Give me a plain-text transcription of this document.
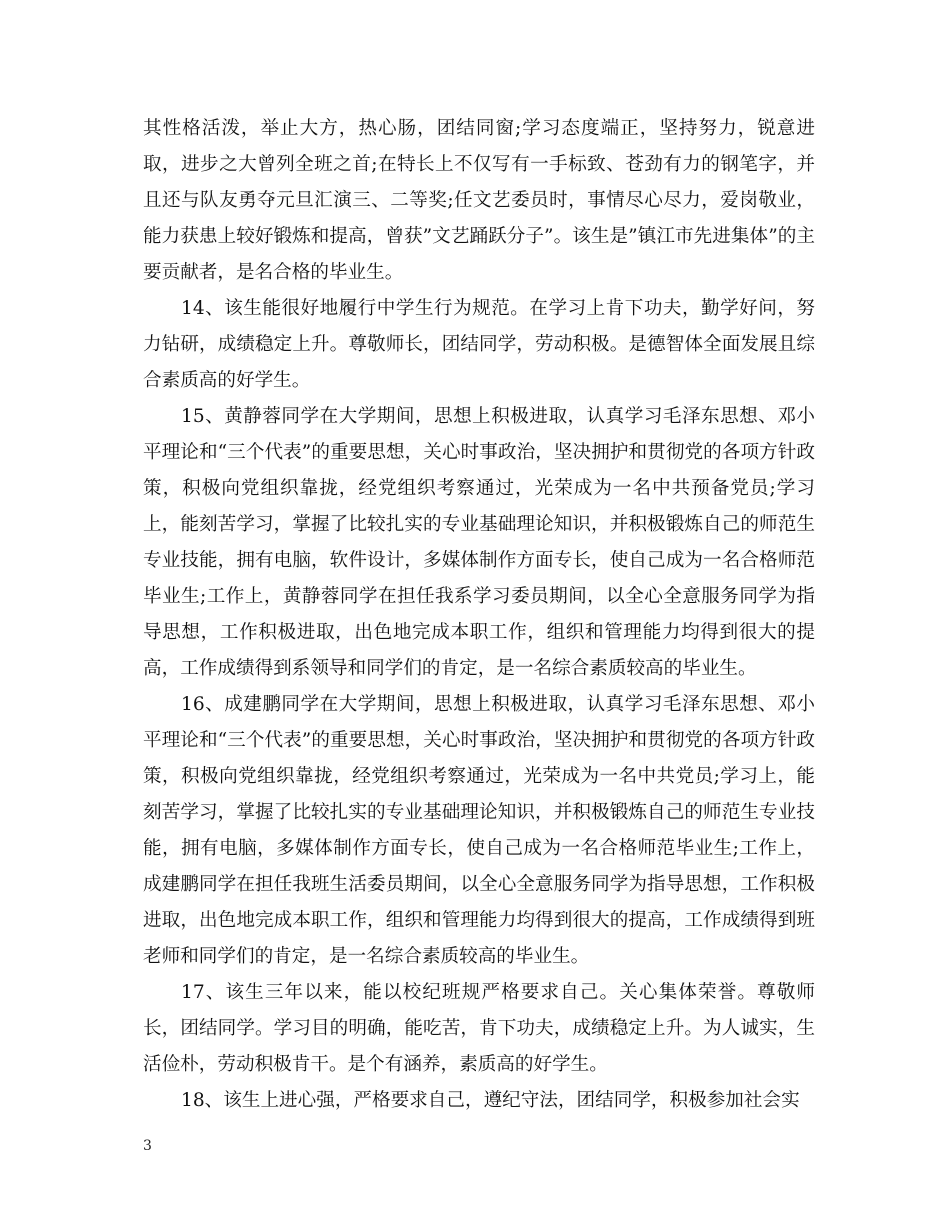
其性格活泼，举止大方，热心肠，团结同窗;学习态度端正，坚持努力，锐意进取，进步之大曾列全班之首;在特长上不仅写有一手标致、苍劲有力的钢笔字，并且还与队友勇夺元旦汇演三、二等奖;任文艺委员时，事情尽心尽力，爱岗敬业，能力获患上较好锻炼和提高，曾获”文艺踊跃分子”。该生是”镇江市先进集体”的主要贡献者，是名合格的毕业生。

14、该生能很好地履行中学生行为规范。在学习上肯下功夫，勤学好问，努力钻研，成绩稳定上升。尊敬师长，团结同学，劳动积极。是德智体全面发展且综合素质高的好学生。

15、黄静蓉同学在大学期间，思想上积极进取，认真学习毛泽东思想、邓小平理论和“三个代表”的重要思想，关心时事政治，坚决拥护和贯彻党的各项方针政策，积极向党组织靠拢，经党组织考察通过，光荣成为一名中共预备党员;学习上，能刻苦学习，掌握了比较扎实的专业基础理论知识，并积极锻炼自己的师范生专业技能，拥有电脑，软件设计，多媒体制作方面专长，使自己成为一名合格师范毕业生;工作上，黄静蓉同学在担任我系学习委员期间，以全心全意服务同学为指导思想，工作积极进取，出色地完成本职工作，组织和管理能力均得到很大的提高，工作成绩得到系领导和同学们的肯定，是一名综合素质较高的毕业生。

16、成建鹏同学在大学期间，思想上积极进取，认真学习毛泽东思想、邓小平理论和“三个代表”的重要思想，关心时事政治，坚决拥护和贯彻党的各项方针政策，积极向党组织靠拢，经党组织考察通过，光荣成为一名中共党员;学习上，能刻苦学习，掌握了比较扎实的专业基础理论知识，并积极锻炼自己的师范生专业技能，拥有电脑，多媒体制作方面专长，使自己成为一名合格师范毕业生;工作上，成建鹏同学在担任我班生活委员期间，以全心全意服务同学为指导思想，工作积极进取，出色地完成本职工作，组织和管理能力均得到很大的提高，工作成绩得到班老师和同学们的肯定，是一名综合素质较高的毕业生。

17、该生三年以来，能以校纪班规严格要求自己。关心集体荣誉。尊敬师长，团结同学。学习目的明确，能吃苦，肯下功夫，成绩稳定上升。为人诚实，生活俭朴，劳动积极肯干。是个有涵养，素质高的好学生。

18、该生上进心强，严格要求自己，遵纪守法，团结同学，积极参加社会实

3
